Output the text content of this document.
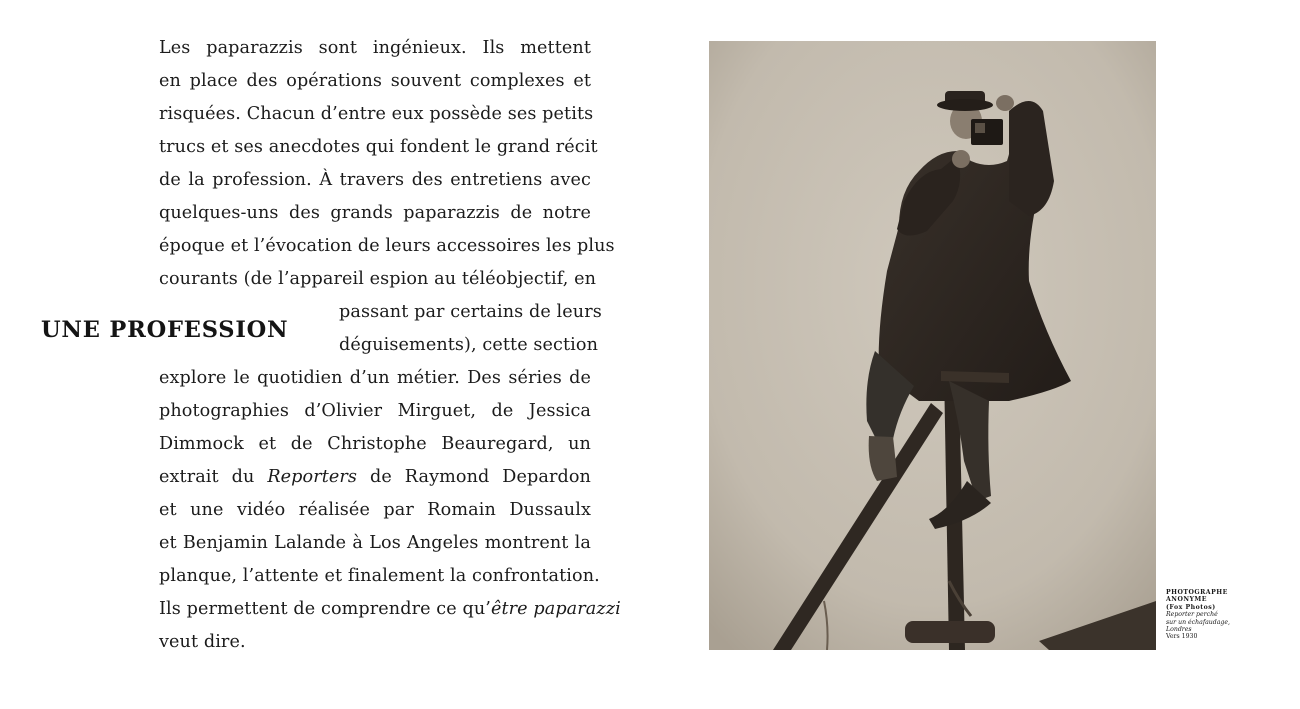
Les paparazzis sont ingénieux. Ils mettent
en place des opérations souvent complexes et
risquées. Chacun d’entre eux possède ses petits
trucs et ses anecdotes qui fondent le grand récit
de la profession. À travers des entretiens avec
quelques-uns des grands paparazzis de notre
époque et l’évocation de leurs accessoires les plus
courants (de l’appareil espion au téléobjectif, en
passant par certains de leurs
déguisements), cette section
explore le quotidien d’un métier. Des séries de
photographies d’Olivier Mirguet, de Jessica
Dimmock et de Christophe Beauregard, un
extrait du Reporters de Raymond Depardon
et une vidéo réalisée par Romain Dussaulx
et Benjamin Lalande à Los Angeles montrent la
planque, l’attente et finalement la confrontation.
Ils permettent de comprendre ce qu’être paparazzi
veut dire.
UNE PROFESSION
PHOTOGRAPHE
ANONYME
(Fox Photos)
Reporter perché
sur un échafaudage,
Londres
Vers 1930
